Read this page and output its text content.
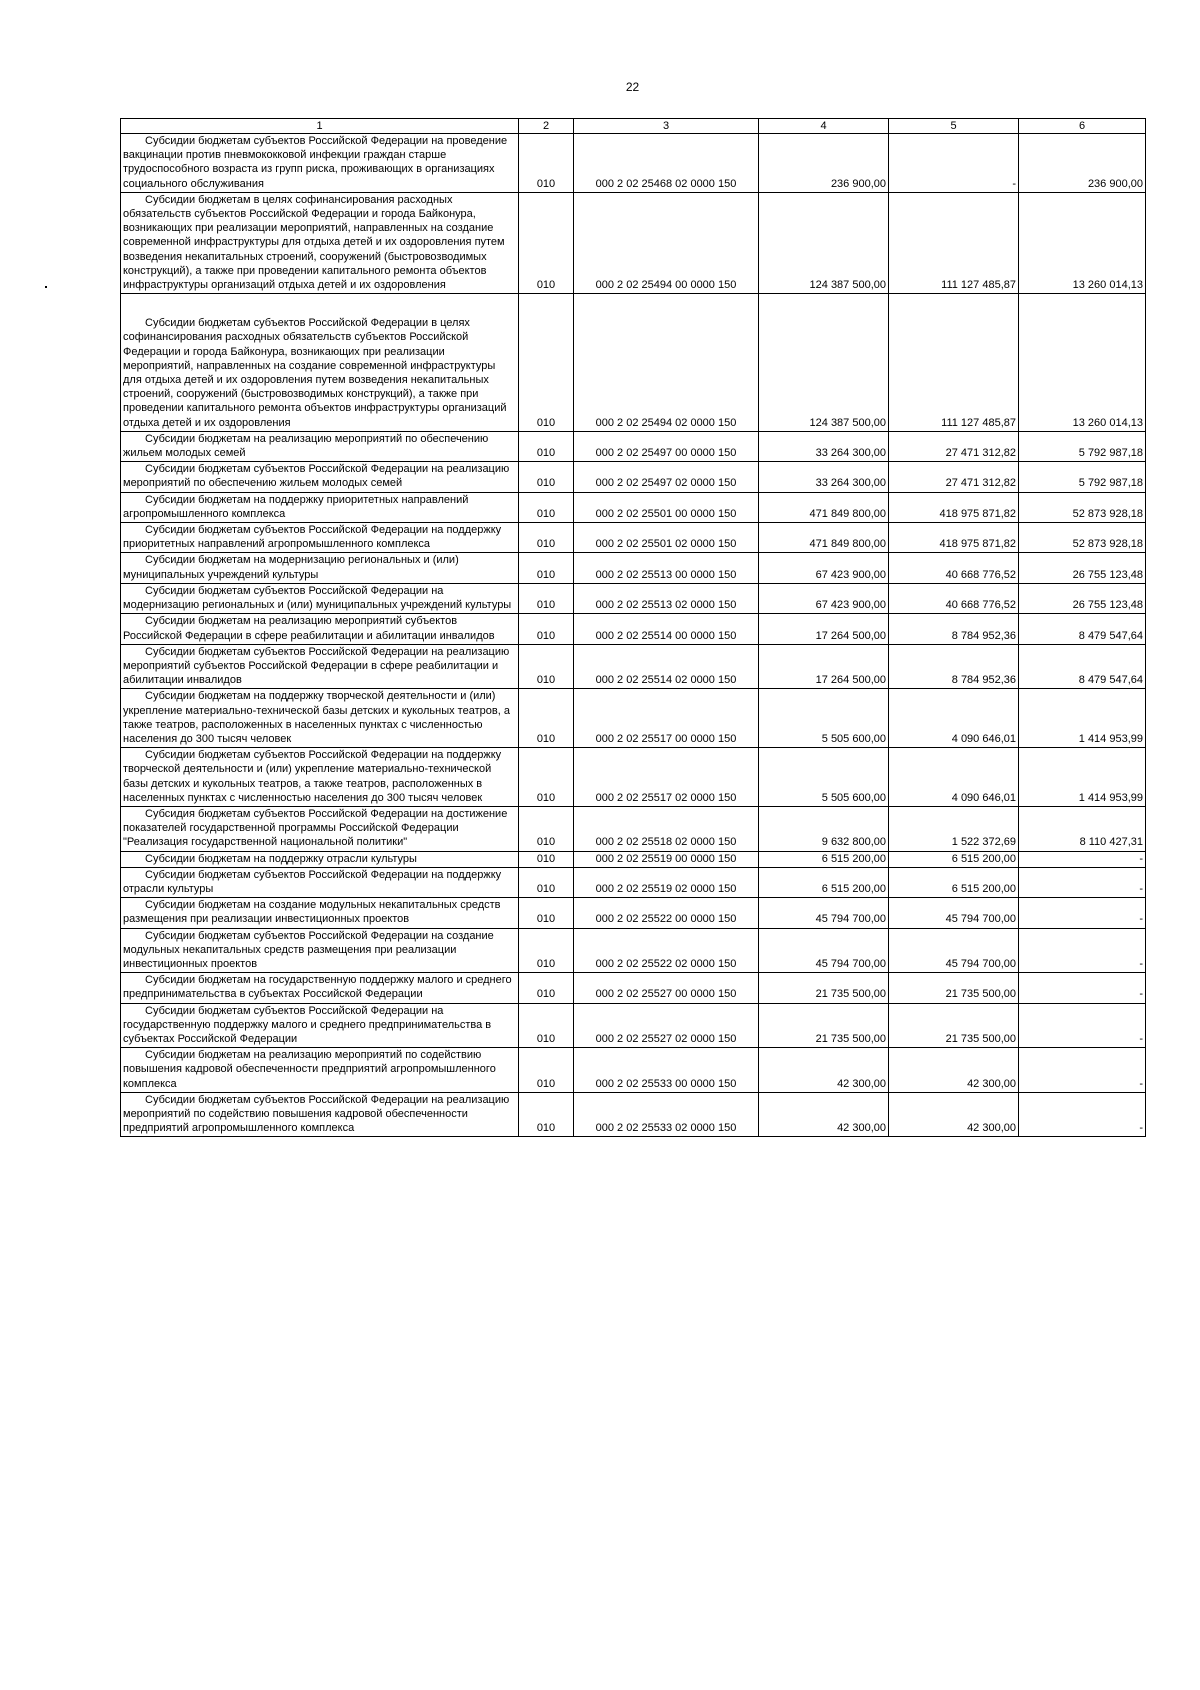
22
1	2	3	4	5	6
Субсидии бюджетам субъектов Российской Федерации на проведение вакцинации против пневмококковой инфекции граждан старше трудоспособного возраста из групп риска, проживающих в организациях социального обслуживания	010	000 2 02 25468 02 0000 150	236 900,00	-	236 900,00
Субсидии бюджетам в целях софинансирования расходных обязательств субъектов Российской Федерации и города Байконура, возникающих при реализации мероприятий, направленных на создание современной инфраструктуры для отдыха детей и их оздоровления путем возведения некапитальных строений, сооружений (быстровозводимых конструкций), а также при проведении капитального ремонта объектов инфраструктуры организаций отдыха детей и их оздоровления	010	000 2 02 25494 00 0000 150	124 387 500,00	111 127 485,87	13 260 014,13
Субсидии бюджетам субъектов Российской Федерации в целях софинансирования расходных обязательств субъектов Российской Федерации и города Байконура, возникающих при реализации мероприятий, направленных на создание современной инфраструктуры для отдыха детей и их оздоровления путем возведения некапитальных строений, сооружений (быстровозводимых конструкций), а также при проведении капитального ремонта объектов инфраструктуры организаций отдыха детей и их оздоровления	010	000 2 02 25494 02 0000 150	124 387 500,00	111 127 485,87	13 260 014,13
Субсидии бюджетам на реализацию мероприятий по обеспечению жильем молодых семей	010	000 2 02 25497 00 0000 150	33 264 300,00	27 471 312,82	5 792 987,18
Субсидии бюджетам субъектов Российской Федерации на реализацию мероприятий по обеспечению жильем молодых семей	010	000 2 02 25497 02 0000 150	33 264 300,00	27 471 312,82	5 792 987,18
Субсидии бюджетам на поддержку приоритетных направлений агропромышленного комплекса	010	000 2 02 25501 00 0000 150	471 849 800,00	418 975 871,82	52 873 928,18
Субсидии бюджетам субъектов Российской Федерации на поддержку приоритетных направлений агропромышленного комплекса	010	000 2 02 25501 02 0000 150	471 849 800,00	418 975 871,82	52 873 928,18
Субсидии бюджетам на модернизацию региональных и (или) муниципальных учреждений культуры	010	000 2 02 25513 00 0000 150	67 423 900,00	40 668 776,52	26 755 123,48
Субсидии бюджетам субъектов Российской Федерации на модернизацию региональных и (или) муниципальных учреждений культуры	010	000 2 02 25513 02 0000 150	67 423 900,00	40 668 776,52	26 755 123,48
Субсидии бюджетам на реализацию мероприятий субъектов Российской Федерации в сфере реабилитации и абилитации инвалидов	010	000 2 02 25514 00 0000 150	17 264 500,00	8 784 952,36	8 479 547,64
Субсидии бюджетам субъектов Российской Федерации на реализацию мероприятий субъектов Российской Федерации в сфере реабилитации и абилитации инвалидов	010	000 2 02 25514 02 0000 150	17 264 500,00	8 784 952,36	8 479 547,64
Субсидии бюджетам на поддержку творческой деятельности и (или) укрепление материально-технической базы детских и кукольных театров, а также театров, расположенных в населенных пунктах с численностью населения до 300 тысяч человек	010	000 2 02 25517 00 0000 150	5 505 600,00	4 090 646,01	1 414 953,99
Субсидии бюджетам субъектов Российской Федерации на поддержку творческой деятельности и (или) укрепление материально-технической базы детских и кукольных театров, а также театров, расположенных в населенных пунктах с численностью населения до 300 тысяч человек	010	000 2 02 25517 02 0000 150	5 505 600,00	4 090 646,01	1 414 953,99
Субсидия бюджетам субъектов Российской Федерации на достижение показателей государственной программы Российской Федерации "Реализация государственной национальной политики"	010	000 2 02 25518 02 0000 150	9 632 800,00	1 522 372,69	8 110 427,31
Субсидии бюджетам на поддержку отрасли культуры	010	000 2 02 25519 00 0000 150	6 515 200,00	6 515 200,00	-
Субсидии бюджетам субъектов Российской Федерации на поддержку отрасли культуры	010	000 2 02 25519 02 0000 150	6 515 200,00	6 515 200,00	-
Субсидии бюджетам на создание модульных некапитальных средств размещения при реализации инвестиционных проектов	010	000 2 02 25522 00 0000 150	45 794 700,00	45 794 700,00	-
Субсидии бюджетам субъектов Российской Федерации на создание модульных некапитальных средств размещения при реализации инвестиционных проектов	010	000 2 02 25522 02 0000 150	45 794 700,00	45 794 700,00	-
Субсидии бюджетам на государственную поддержку малого и среднего предпринимательства в субъектах Российской Федерации	010	000 2 02 25527 00 0000 150	21 735 500,00	21 735 500,00	-
Субсидии бюджетам субъектов Российской Федерации на государственную поддержку малого и среднего предпринимательства в субъектах Российской Федерации	010	000 2 02 25527 02 0000 150	21 735 500,00	21 735 500,00	-
Субсидии бюджетам на реализацию мероприятий по содействию повышения кадровой обеспеченности предприятий агропромышленного комплекса	010	000 2 02 25533 00 0000 150	42 300,00	42 300,00	-
Субсидии бюджетам субъектов Российской Федерации на реализацию мероприятий по содействию повышения кадровой обеспеченности предприятий агропромышленного комплекса	010	000 2 02 25533 02 0000 150	42 300,00	42 300,00	-
